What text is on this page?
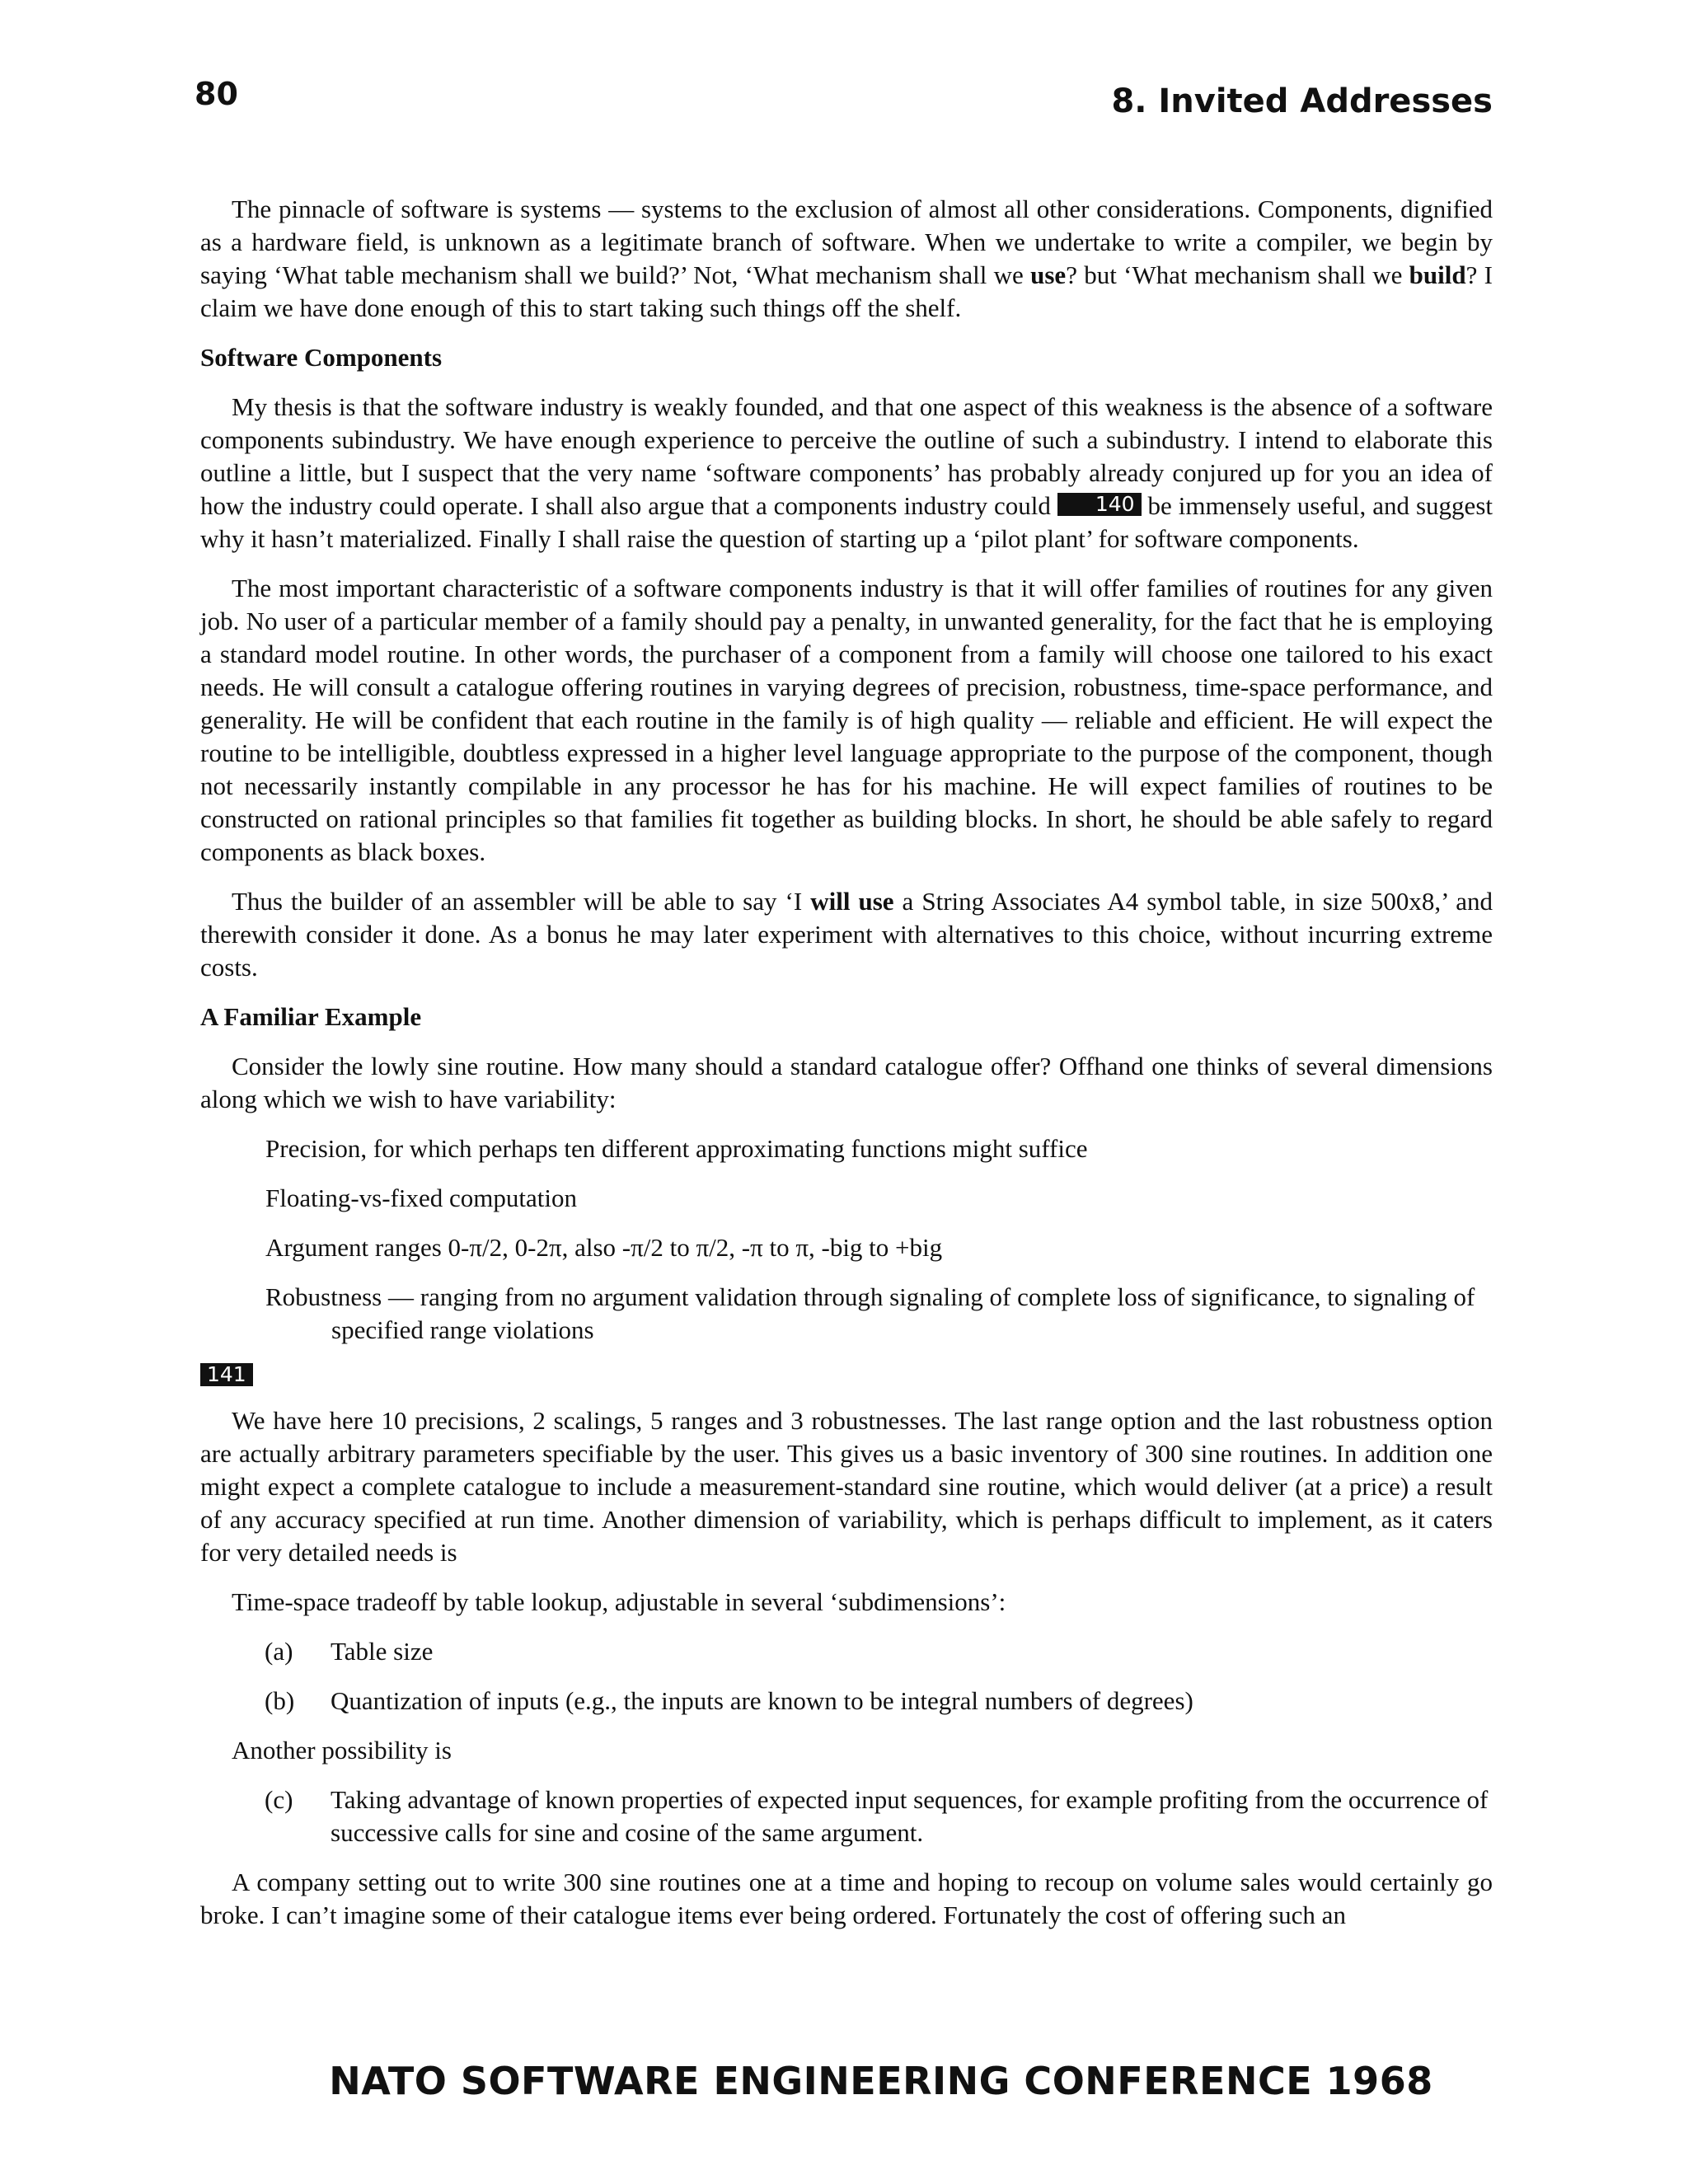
80	8. Invited Addresses

The pinnacle of software is systems — systems to the exclusion of almost all other considerations. Components, dignified as a hardware field, is unknown as a legitimate branch of software. When we undertake to write a compiler, we begin by saying ‘What table mechanism shall we build?’ Not, ‘What mechanism shall we use? but ‘What mechanism shall we build? I claim we have done enough of this to start taking such things off the shelf.

Software Components

My thesis is that the software industry is weakly founded, and that one aspect of this weakness is the absence of a software components subindustry. We have enough experience to perceive the outline of such a subindustry. I intend to elaborate this outline a little, but I suspect that the very name ‘software components’ has probably already conjured up for you an idea of how the industry could operate. I shall also argue that a components industry could 140 be immensely useful, and suggest why it hasn’t materialized. Finally I shall raise the question of starting up a ‘pilot plant’ for software components.

The most important characteristic of a software components industry is that it will offer families of routines for any given job. No user of a particular member of a family should pay a penalty, in unwanted generality, for the fact that he is employing a standard model routine. In other words, the purchaser of a component from a family will choose one tailored to his exact needs. He will consult a catalogue offering routines in varying degrees of precision, robustness, time-space performance, and generality. He will be confident that each routine in the family is of high quality — reliable and efficient. He will expect the routine to be intelligible, doubtless expressed in a higher level language appropriate to the purpose of the component, though not necessarily instantly compilable in any processor he has for his machine. He will expect families of routines to be constructed on rational principles so that families fit together as building blocks. In short, he should be able safely to regard components as black boxes.

Thus the builder of an assembler will be able to say ‘I will use a String Associates A4 symbol table, in size 500x8,’ and therewith consider it done. As a bonus he may later experiment with alternatives to this choice, without incurring extreme costs.

A Familiar Example

Consider the lowly sine routine. How many should a standard catalogue offer? Offhand one thinks of several dimensions along which we wish to have variability:

Precision, for which perhaps ten different approximating functions might suffice

Floating-vs-fixed computation

Argument ranges 0-π/2, 0-2π, also -π/2 to π/2, -π to π, -big to +big

Robustness — ranging from no argument validation through signaling of complete loss of significance, to signaling of specified range violations

141

We have here 10 precisions, 2 scalings, 5 ranges and 3 robustnesses. The last range option and the last robustness option are actually arbitrary parameters specifiable by the user. This gives us a basic inventory of 300 sine routines. In addition one might expect a complete catalogue to include a measurement-standard sine routine, which would deliver (at a price) a result of any accuracy specified at run time. Another dimension of variability, which is perhaps difficult to implement, as it caters for very detailed needs is

Time-space tradeoff by table lookup, adjustable in several ‘subdimensions’:

(a)	Table size
(b)	Quantization of inputs (e.g., the inputs are known to be integral numbers of degrees)

Another possibility is

(c)	Taking advantage of known properties of expected input sequences, for example profiting from the occurrence of successive calls for sine and cosine of the same argument.

A company setting out to write 300 sine routines one at a time and hoping to recoup on volume sales would certainly go broke. I can’t imagine some of their catalogue items ever being ordered. Fortunately the cost of offering such an

NATO SOFTWARE ENGINEERING CONFERENCE 1968
